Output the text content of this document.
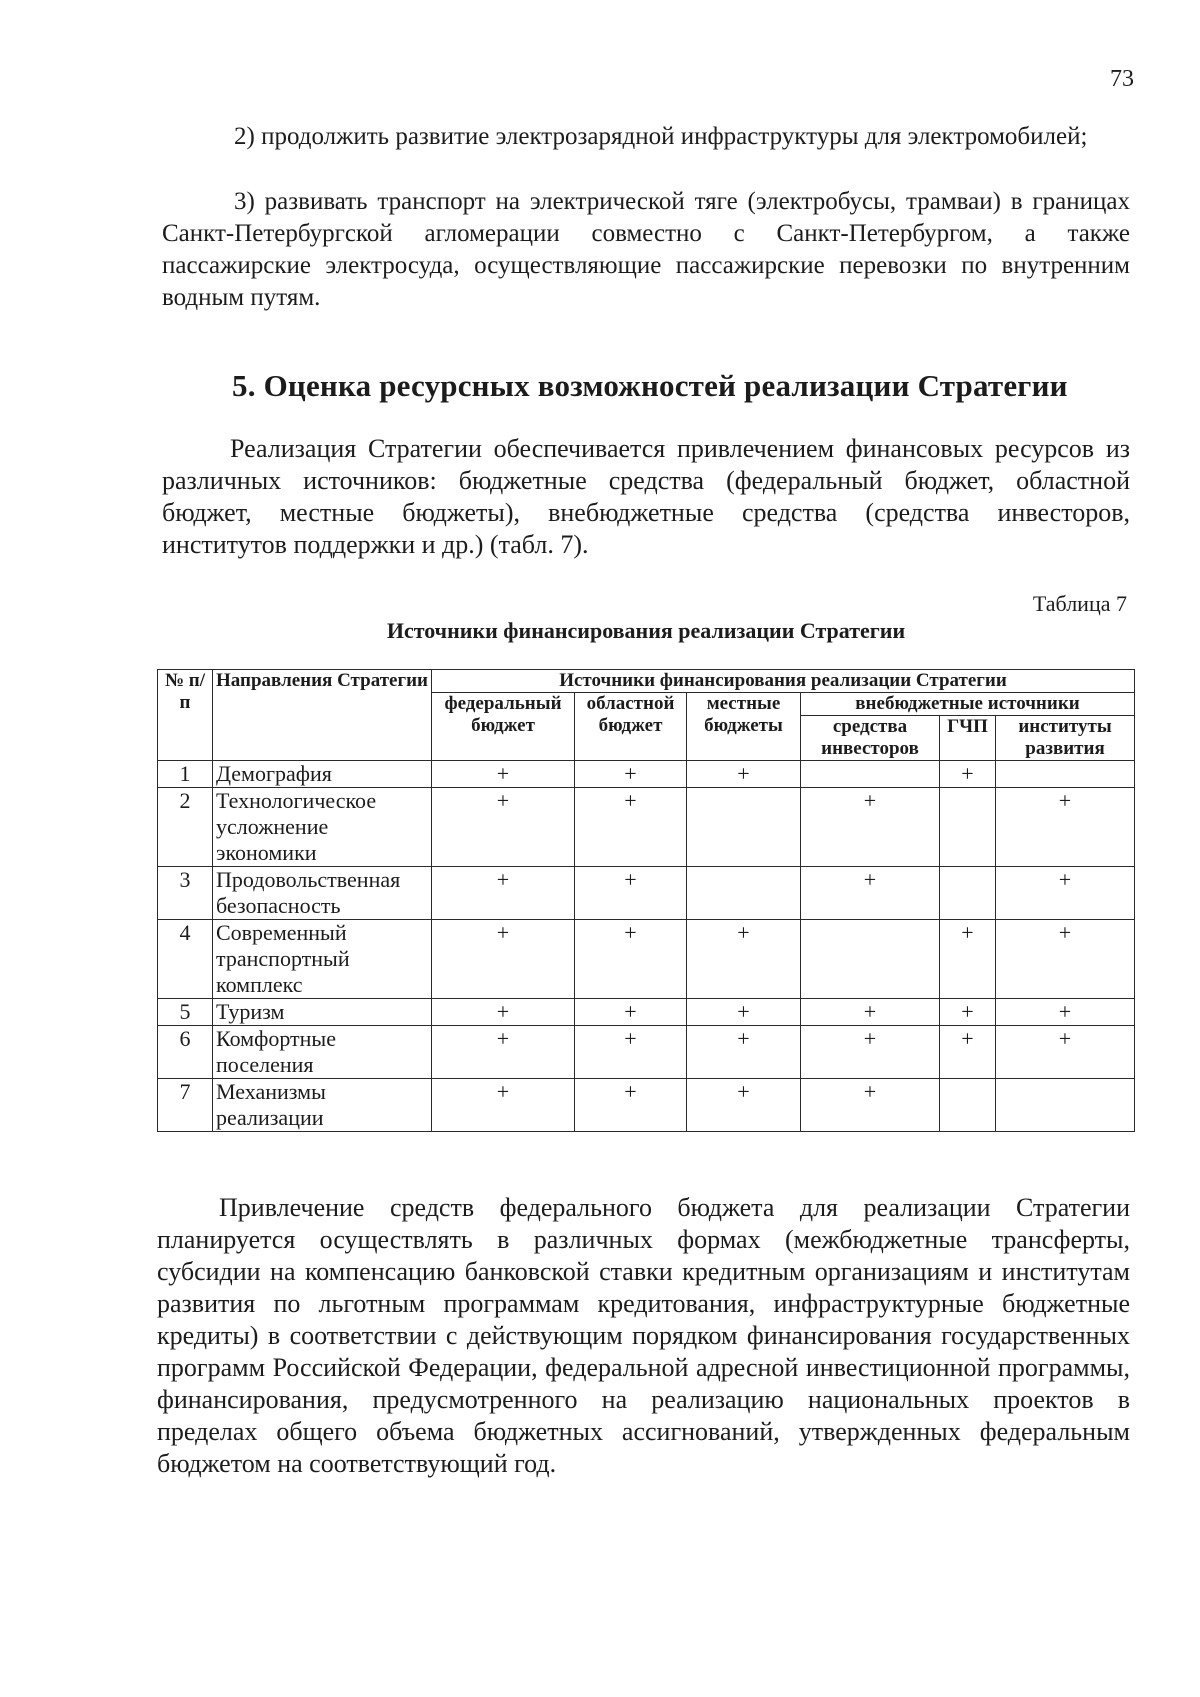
73

2) продолжить развитие электрозарядной инфраструктуры для электромобилей;

3) развивать транспорт на электрической тяге (электробусы, трамваи) в границах Санкт-Петербургской агломерации совместно с Санкт-Петербургом, а также пассажирские электросуда, осуществляющие пассажирские перевозки по внутренним водным путям.

5. Оценка ресурсных возможностей реализации Стратегии

Реализация Стратегии обеспечивается привлечением финансовых ресурсов из различных источников: бюджетные средства (федеральный бюджет, областной бюджет, местные бюджеты), внебюджетные средства (средства инвесторов, институтов поддержки и др.) (табл. 7).

Таблица 7
Источники финансирования реализации Стратегии
№ п/п	Направления Стратегии	Источники финансирования реализации Стратегии					
		федеральный бюджет	областной бюджет	местные бюджеты	внебюджетные источники		
					средства инвесторов	ГЧП	институты развития
1	Демография	+	+	+		+	
2	Технологическое усложнение экономики	+	+		+		+
3	Продовольственная безопасность	+	+		+		+
4	Современный транспортный комплекс	+	+	+		+	+
5	Туризм	+	+	+	+	+	+
6	Комфортные поселения	+	+	+	+	+	+
7	Механизмы реализации	+	+	+	+		

Привлечение средств федерального бюджета для реализации Стратегии планируется осуществлять в различных формах (межбюджетные трансферты, субсидии на компенсацию банковской ставки кредитным организациям и институтам развития по льготным программам кредитования, инфраструктурные бюджетные кредиты) в соответствии с действующим порядком финансирования государственных программ Российской Федерации, федеральной адресной инвестиционной программы, финансирования, предусмотренного на реализацию национальных проектов в пределах общего объема бюджетных ассигнований, утвержденных федеральным бюджетом на соответствующий год.
